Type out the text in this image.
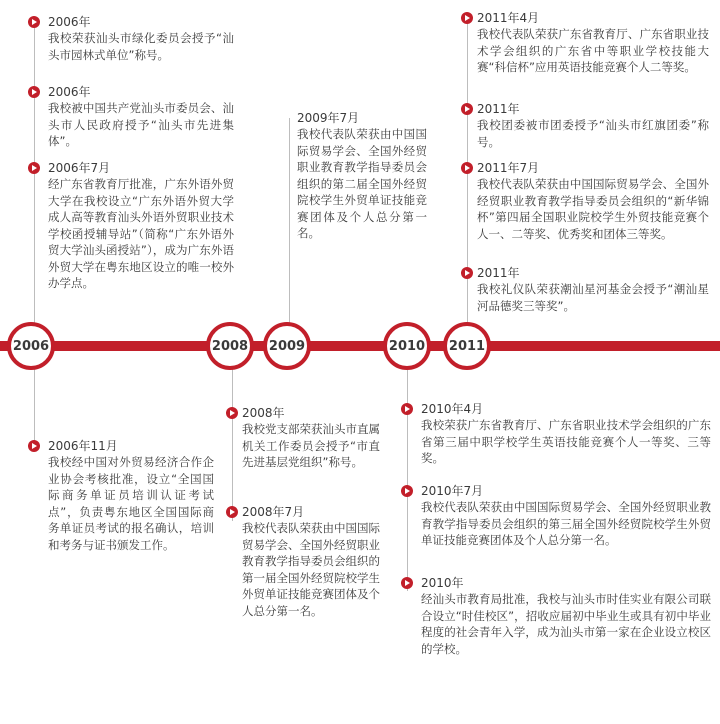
2006年
我校荣获汕头市绿化委员会授予“汕头市园林式单位”称号。
2006年
我校被中国共产党汕头市委员会、汕头市人民政府授予“汕头市先进集体”。
2006年7月
经广东省教育厅批准，广东外语外贸大学在我校设立“广东外语外贸大学成人高等教育汕头外语外贸职业技术学校函授辅导站”（简称“广东外语外贸大学汕头函授站”），成为广东外语外贸大学在粤东地区设立的唯一校外办学点。
2009年7月
我校代表队荣获由中国国际贸易学会、全国外经贸职业教育教学指导委员会组织的第二届全国外经贸院校学生外贸单证技能竞赛团体及个人总分第一名。
2011年4月
我校代表队荣获广东省教育厅、广东省职业技术学会组织的广东省中等职业学校技能大赛“科信杯”应用英语技能竞赛个人二等奖。
2011年
我校团委被市团委授予“汕头市红旗团委”称号。
2011年7月
我校代表队荣获由中国国际贸易学会、全国外经贸职业教育教学指导委员会组织的“新华锦杯”第四届全国职业院校学生外贸技能竞赛个人一、二等奖、优秀奖和团体三等奖。
2011年
我校礼仪队荣获潮汕星河基金会授予“潮汕星河品德奖三等奖”。
2006	2008	2009	2010	2011
2006年11月
我校经中国对外贸易经济合作企业协会考核批准，设立“全国国际商务单证员培训认证考试点”，负责粤东地区全国国际商务单证员考试的报名确认，培训和考务与证书颁发工作。
2008年
我校党支部荣获汕头市直属机关工作委员会授予“市直先进基层党组织”称号。
2008年7月
我校代表队荣获由中国国际贸易学会、全国外经贸职业教育教学指导委员会组织的第一届全国外经贸院校学生外贸单证技能竞赛团体及个人总分第一名。
2010年4月
我校荣获广东省教育厅、广东省职业技术学会组织的广东省第三届中职学校学生英语技能竞赛个人一等奖、三等奖。
2010年7月
我校代表队荣获由中国国际贸易学会、全国外经贸职业教育教学指导委员会组织的第三届全国外经贸院校学生外贸单证技能竞赛团体及个人总分第一名。
2010年
经汕头市教育局批准，我校与汕头市时佳实业有限公司联合设立“时佳校区”，招收应届初中毕业生或具有初中毕业程度的社会青年入学，成为汕头市第一家在企业设立校区的学校。
